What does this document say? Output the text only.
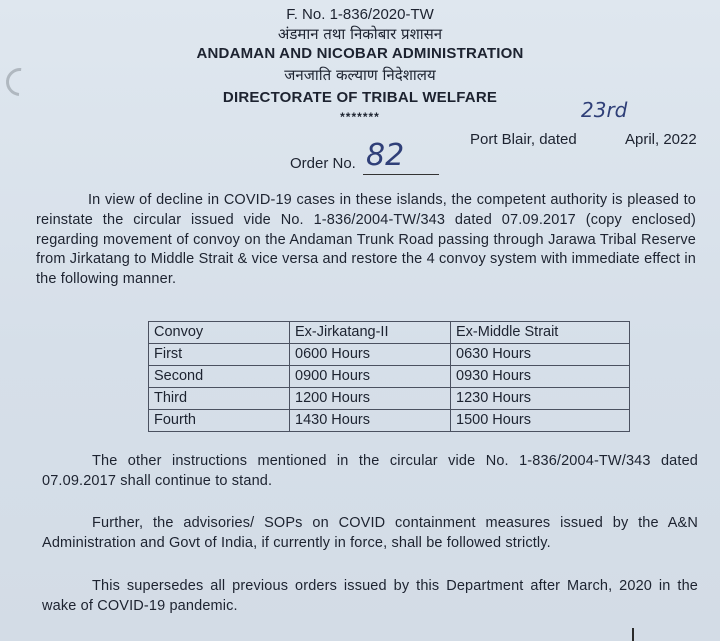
F. No. 1-836/2020-TW
अंडमान तथा निकोबार प्रशासन
ANDAMAN AND NICOBAR ADMINISTRATION
जनजाति कल्याण निदेशालय
DIRECTORATE OF TRIBAL WELFARE
*******	23rd
Port Blair, dated	April, 2022
Order No. 82
In view of decline in COVID-19 cases in these islands, the competent authority is pleased to reinstate the circular issued vide No. 1-836/2004-TW/343 dated 07.09.2017 (copy enclosed) regarding movement of convoy on the Andaman Trunk Road passing through Jarawa Tribal Reserve from Jirkatang to Middle Strait & vice versa and restore the 4 convoy system with immediate effect in the following manner.
Convoy	Ex-Jirkatang-II	Ex-Middle Strait
First	0600 Hours	0630 Hours
Second	0900 Hours	0930 Hours
Third	1200 Hours	1230 Hours
Fourth	1430 Hours	1500 Hours
The other instructions mentioned in the circular vide No. 1-836/2004-TW/343 dated 07.09.2017 shall continue to stand.
Further, the advisories/ SOPs on COVID containment measures issued by the A&N Administration and Govt of India, if currently in force, shall be followed strictly.
This supersedes all previous orders issued by this Department after March, 2020 in the wake of COVID-19 pandemic.
